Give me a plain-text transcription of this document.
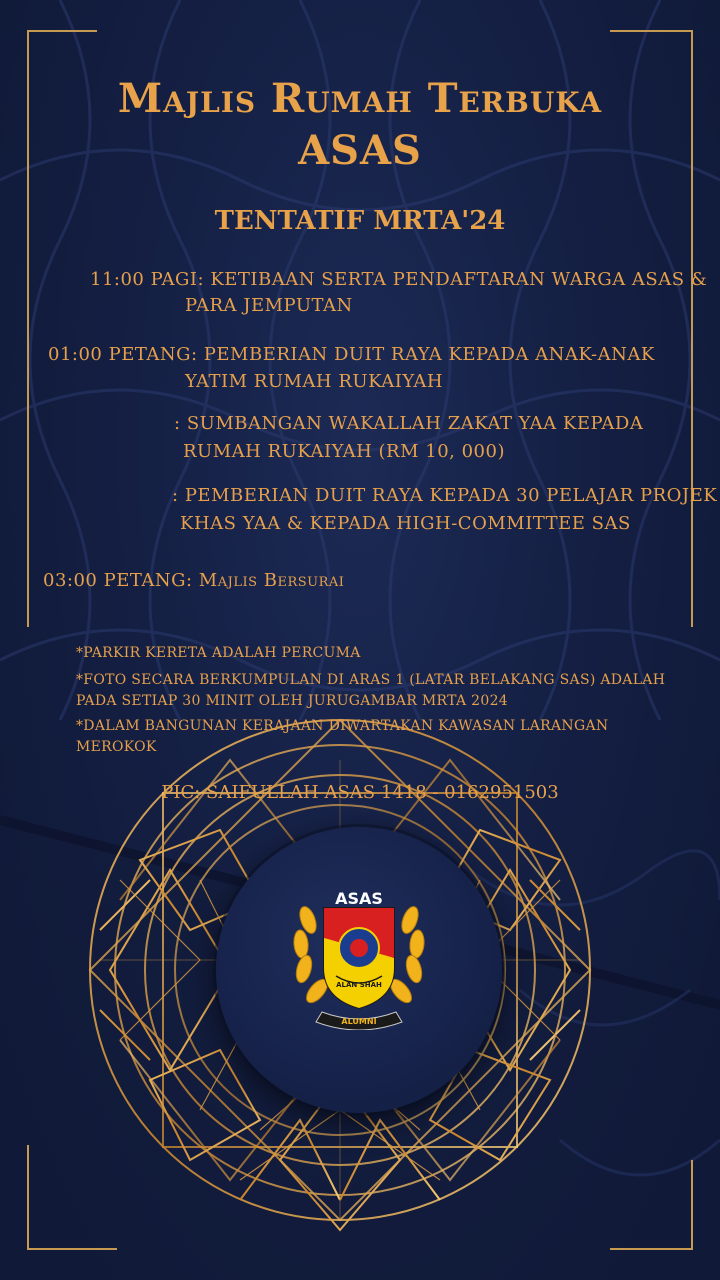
Majlis Rumah Terbuka
ASAS
TENTATIF MRTA'24
11:00 PAGI: KETIBAAN SERTA PENDAFTARAN WARGA ASAS &
PARA JEMPUTAN
01:00 PETANG: PEMBERIAN DUIT RAYA KEPADA ANAK-ANAK
YATIM RUMAH RUKAIYAH
: SUMBANGAN WAKALLAH ZAKAT YAA KEPADA
RUMAH RUKAIYAH (RM 10, 000)
: PEMBERIAN DUIT RAYA KEPADA 30 PELAJAR PROJEK
KHAS YAA & KEPADA HIGH-COMMITTEE SAS
03:00 PETANG: Majlis Bersurai
*PARKIR KERETA ADALAH PERCUMA
*FOTO SECARA BERKUMPULAN DI ARAS 1 (LATAR BELAKANG SAS) ADALAH PADA SETIAP 30 MINIT OLEH JURUGAMBAR MRTA 2024
*DALAM BANGUNAN KERAJAAN DIWARTAKAN KAWASAN LARANGAN MEROKOK
PIC: SAIFULLAH ASAS 1418 - 0162951503
ALAN SHAH
ASAS
ALUMNI
